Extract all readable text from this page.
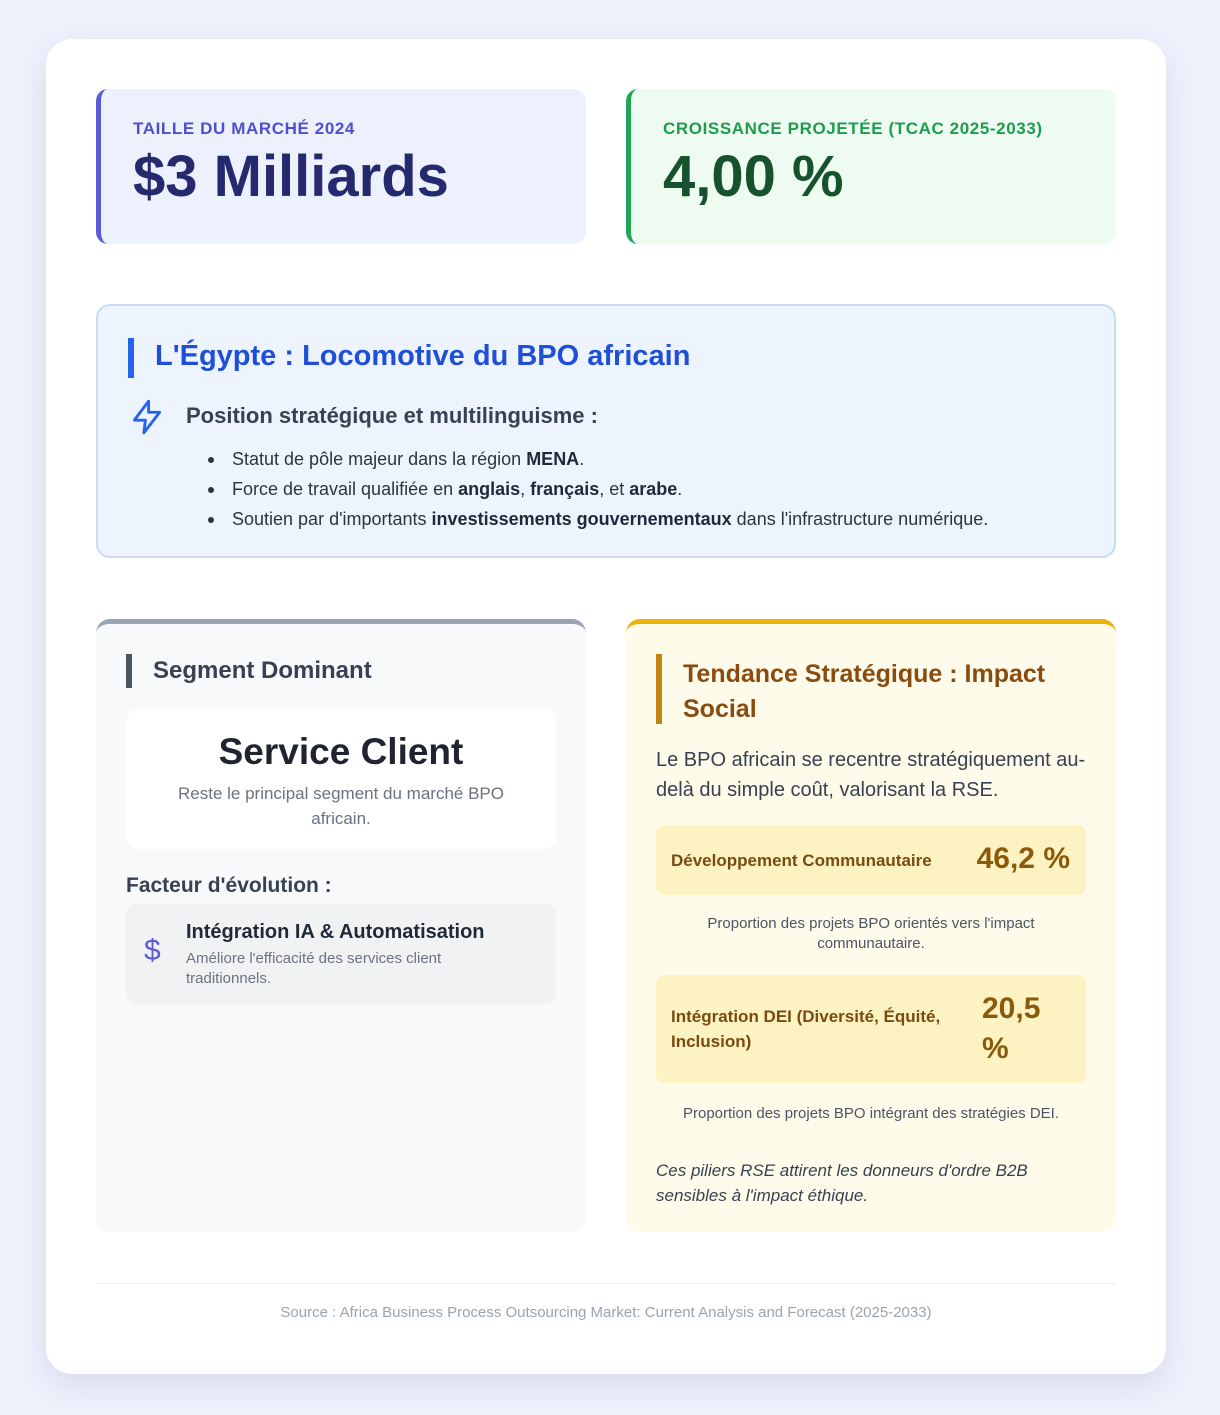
TAILLE DU MARCHÉ 2024
$3 Milliards
CROISSANCE PROJETÉE (TCAC 2025-2033)
4,00 %
L'Égypte : Locomotive du BPO africain
Position stratégique et multilinguisme :
Statut de pôle majeur dans la région MENA.
Force de travail qualifiée en anglais, français, et arabe.
Soutien par d'importants investissements gouvernementaux dans l'infrastructure numérique.
Segment Dominant
Service Client
Reste le principal segment du marché BPO africain.
Facteur d'évolution :
$
Intégration IA & Automatisation
Améliore l'efficacité des services client traditionnels.
Tendance Stratégique : Impact Social
Le BPO africain se recentre stratégiquement au-delà du simple coût, valorisant la RSE.
Développement Communautaire 46,2 %
Proportion des projets BPO orientés vers l'impact communautaire.
Intégration DEI (Diversité, Équité, Inclusion)
20,5 %
Proportion des projets BPO intégrant des stratégies DEI.
Ces piliers RSE attirent les donneurs d'ordre B2B sensibles à l'impact éthique.
Source : Africa Business Process Outsourcing Market: Current Analysis and Forecast (2025-2033)
